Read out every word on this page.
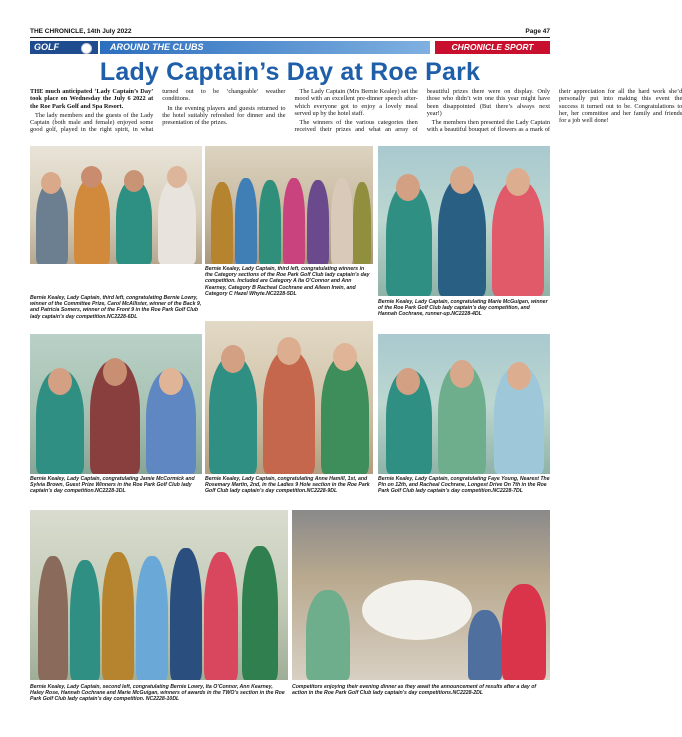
THE CHRONICLE, 14th July 2022	Page 47
GOLF	AROUND THE CLUBS	CHRONICLE SPORT
Lady Captain’s Day at Roe Park

THE much anticipated ‘Lady Captain’s Day’ took place on Wednesday the July 6 2022 at the Roe Park Golf and Spa Resort.

The lady members and the guests of the Lady Captain (both male and female) enjoyed some good golf, played in the right spirit, in what turned out to be ‘changeable’ weather conditions.

In the evening players and guests returned to the hotel suitably refreshed for dinner and the presentation of the prizes.

The Lady Captain (Mrs Bernie Kealey) set the mood with an excellent pre-dinner speech after-which everyone got to enjoy a lovely meal served up by the hotel staff.

The winners of the various categories then received their prizes and what an array of beautiful prizes there were on display. Only those who didn’t win one this year might have been disappointed (But there’s always next year!)

The members then presented the Lady Captain with a beautiful bouquet of flowers as a mark of their appreciation for all the hard work she’d personally put into making this event the success it turned out to be. Congratulations to her, her committee and her family and friends for a job well done!

Bernie Kealey, Lady Captain, third left, congratulating Bernie Lowry, winner of the Committee Prize, Carol McAllister, winner of the Back 9, and Patricia Somers, winner of the Front 9 in the Roe Park Golf Club lady captain’s day competition.NC2228-6DL
Bernie Kealey, Lady Captain, third left, congratulating winners in the Category sections of the Roe Park Golf Club lady captain’s day competition. Included are Category A Ita O’Connor and Ann Kearney, Category B Racheal Cochrane and Aileen Irwin, and Category C Hazel Whyte.NC2228-5DL
Bernie Kealey, Lady Captain, congratulating Marie McGuigan, winner of the Roe Park Golf Club lady captain’s day competition, and Hannah Cochrane, runner-up.NC2228-4DL
Bernie Kealey, Lady Captain, congratulating Jamie McCormick and Sylvia Brown, Guest Prize Winners in the Roe Park Golf Club lady captain’s day competition.NC2228-3DL
Bernie Kealey, Lady Captain, congratulating Anne Hamill, 1st, and Rosemary Martin, 2nd, in the Ladies 9 Hole section in the Roe Park Golf Club lady captain’s day competition.NC2228-9DL
Bernie Kealey, Lady Captain, congratulating Faye Young, Nearest The Pin on 12th, and Racheal Cochrane, Longest Drive On 7th in the Roe Park Golf Club lady captain’s day competition.NC2228-7DL
Bernie Kealey, Lady Captain, second left, congratulating Bernie Lowry, Ita O’Connor, Ann Kearney, Haley Rose, Hannah Cochrane and Marie McGuigan, winners of awards in the TWO’s section in the Roe Park Golf Club lady captain’s day competition. NC2228-10DL
Competitors enjoying their evening dinner as they await the announcement of results after a day of action in the Roe Park Golf Club lady captain’s day competitions.NC2228-2DL
